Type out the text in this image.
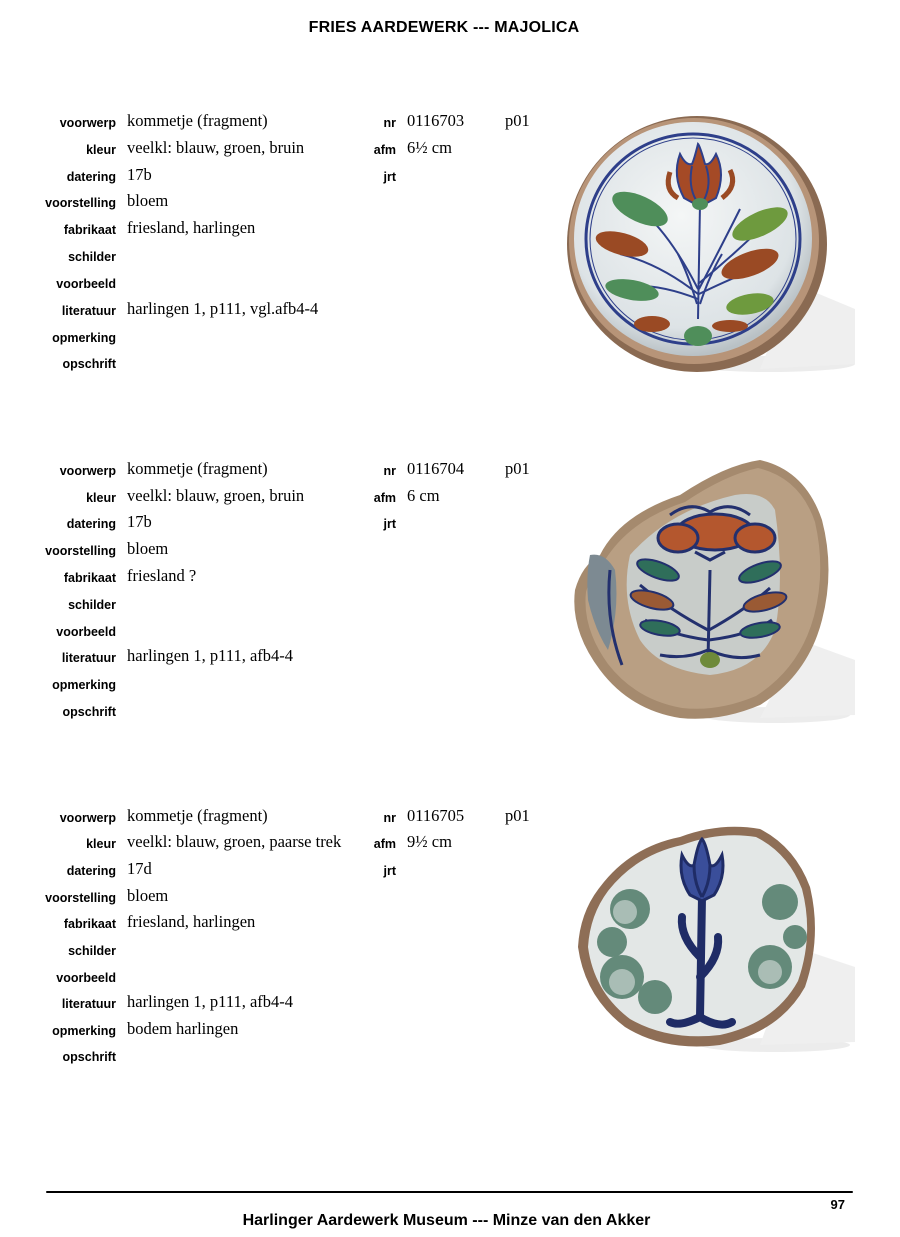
FRIES AARDEWERK --- MAJOLICA
voorwerp
kleur
datering
voorstelling
fabrikaat
schilder
voorbeeld
literatuur
opmerking
opschrift
kommetje (fragment)
veelkl: blauw, groen, bruin
17b
bloem
friesland, harlingen
harlingen 1, p111, vgl.afb4-4
nr
afm
jrt
0116703
6½ cm
p01
voorwerp
kleur
datering
voorstelling
fabrikaat
schilder
voorbeeld
literatuur
opmerking
opschrift
kommetje (fragment)
veelkl: blauw, groen, bruin
17b
bloem
friesland ?
harlingen 1, p111, afb4-4
nr
afm
jrt
0116704
6 cm
p01
voorwerp
kleur
datering
voorstelling
fabrikaat
schilder
voorbeeld
literatuur
opmerking
opschrift
kommetje (fragment)
veelkl: blauw, groen, paarse trek
17d
bloem
friesland, harlingen
harlingen 1, p111, afb4-4
bodem harlingen
afm
nr
jrt
0116705
9½ cm
p01
97
Harlinger Aardewerk Museum --- Minze van den Akker
